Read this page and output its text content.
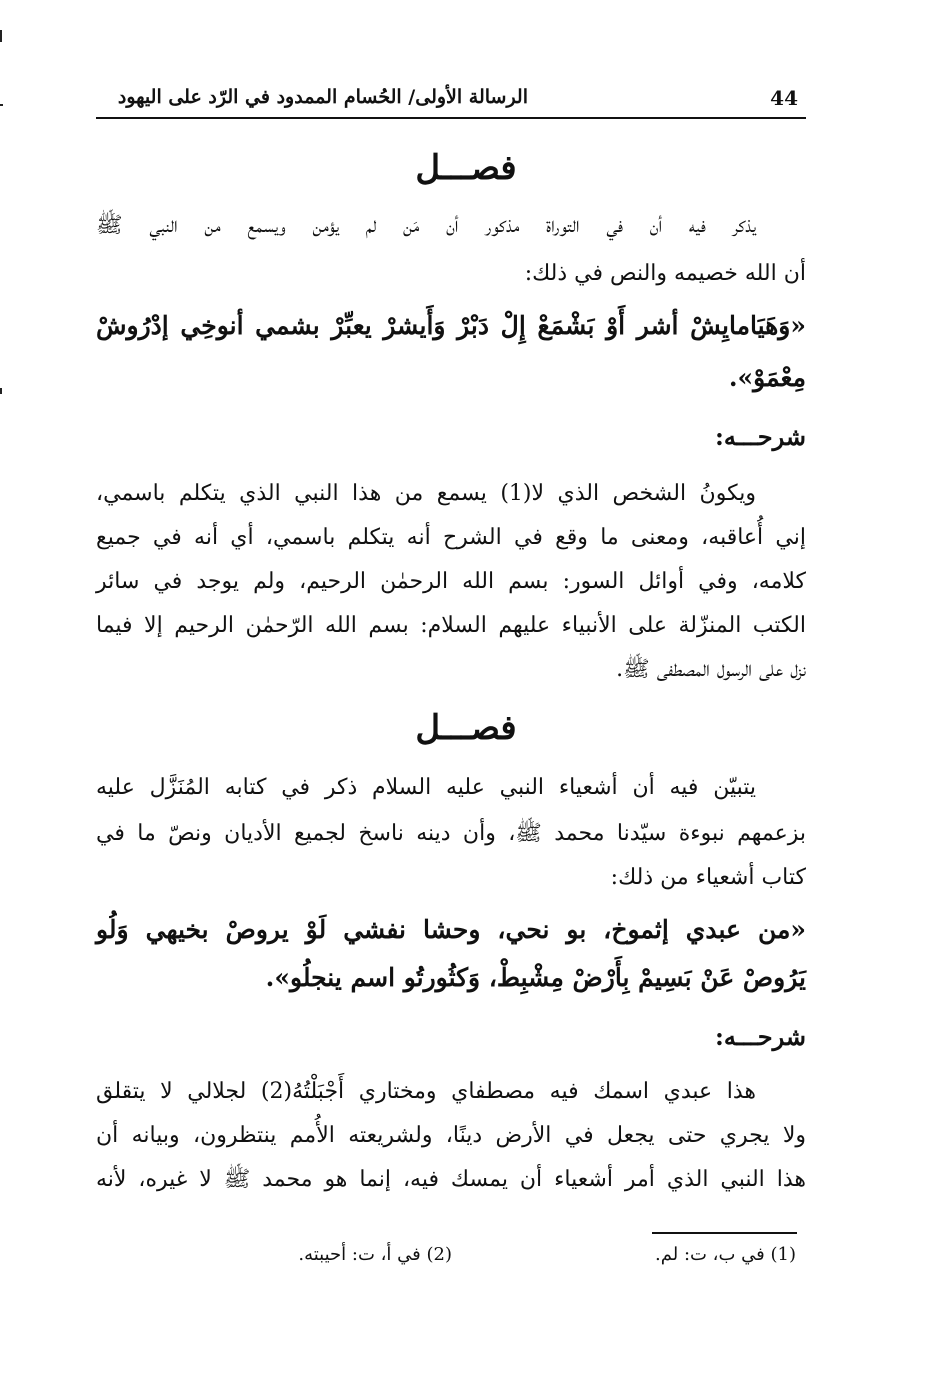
الرسالة الأولى/ الحُسام الممدود في الرّد على اليهود	44
فصـــل
يذكر فيه أن في التوراة مذكور أن مَن لم يؤمن ويسمع من النبي ﷺ
أن الله خصيمه والنص في ذلك:
«وَهَيَامايِشْ أشر أَوْ بَشْمَعْ إِلْ دَبْرْ وَأَيشرْ يعبِّرْ بشمي أنوخِي إدْرُوشْ
مِعْمَوْ».
شرحـــه:
ويكونُ الشخص الذي لا(1) يسمع من هذا النبي الذي يتكلم باسمي،
إني أُعاقبه، ومعنى ما وقع في الشرح أنه يتكلم باسمي، أي أنه في جميع
كلامه، وفي أوائل السور: بسم الله الرحمٰن الرحيم، ولم يوجد في سائر
الكتب المنزّلة على الأنبياء عليهم السلام: بسم الله الرّحمٰن الرحيم إلا فيما
نزل على الرسول المصطفى ﷺ.
فصـــل
يتبيّن فيه أن أشعياء النبي عليه السلام ذكر في كتابه المُنَزَّل عليه
بزعمهم نبوءة سيّدنا محمد ﷺ، وأن دينه ناسخ لجميع الأديان ونصّ ما في
كتاب أشعياء من ذلك:
«من عبدي إثموخ، بو نحي، وحشا نفشي لَوْ يروصْ بخيهي وَلُو
يَرُوصْ عَنْ بَسِيمْ بِأَرْضْ مِشْبِطْ، وَكثُورتُو اسم ينجلُو».
شرحـــه:
هذا عبدي اسمك فيه مصطفاي ومختاري أَجْبَلْتُهُ(2) لجلالي لا يتقلق
ولا يجري حتى يجعل في الأرض دينًا، ولشريعته الأُمم ينتظرون، وبيانه أن
هذا النبي الذي أمر أشعياء أن يمسك فيه، إنما هو محمد ﷺ لا غيره، لأنه
(1) في ب، ت: لم.
(2) في أ، ت: أحيبته.
